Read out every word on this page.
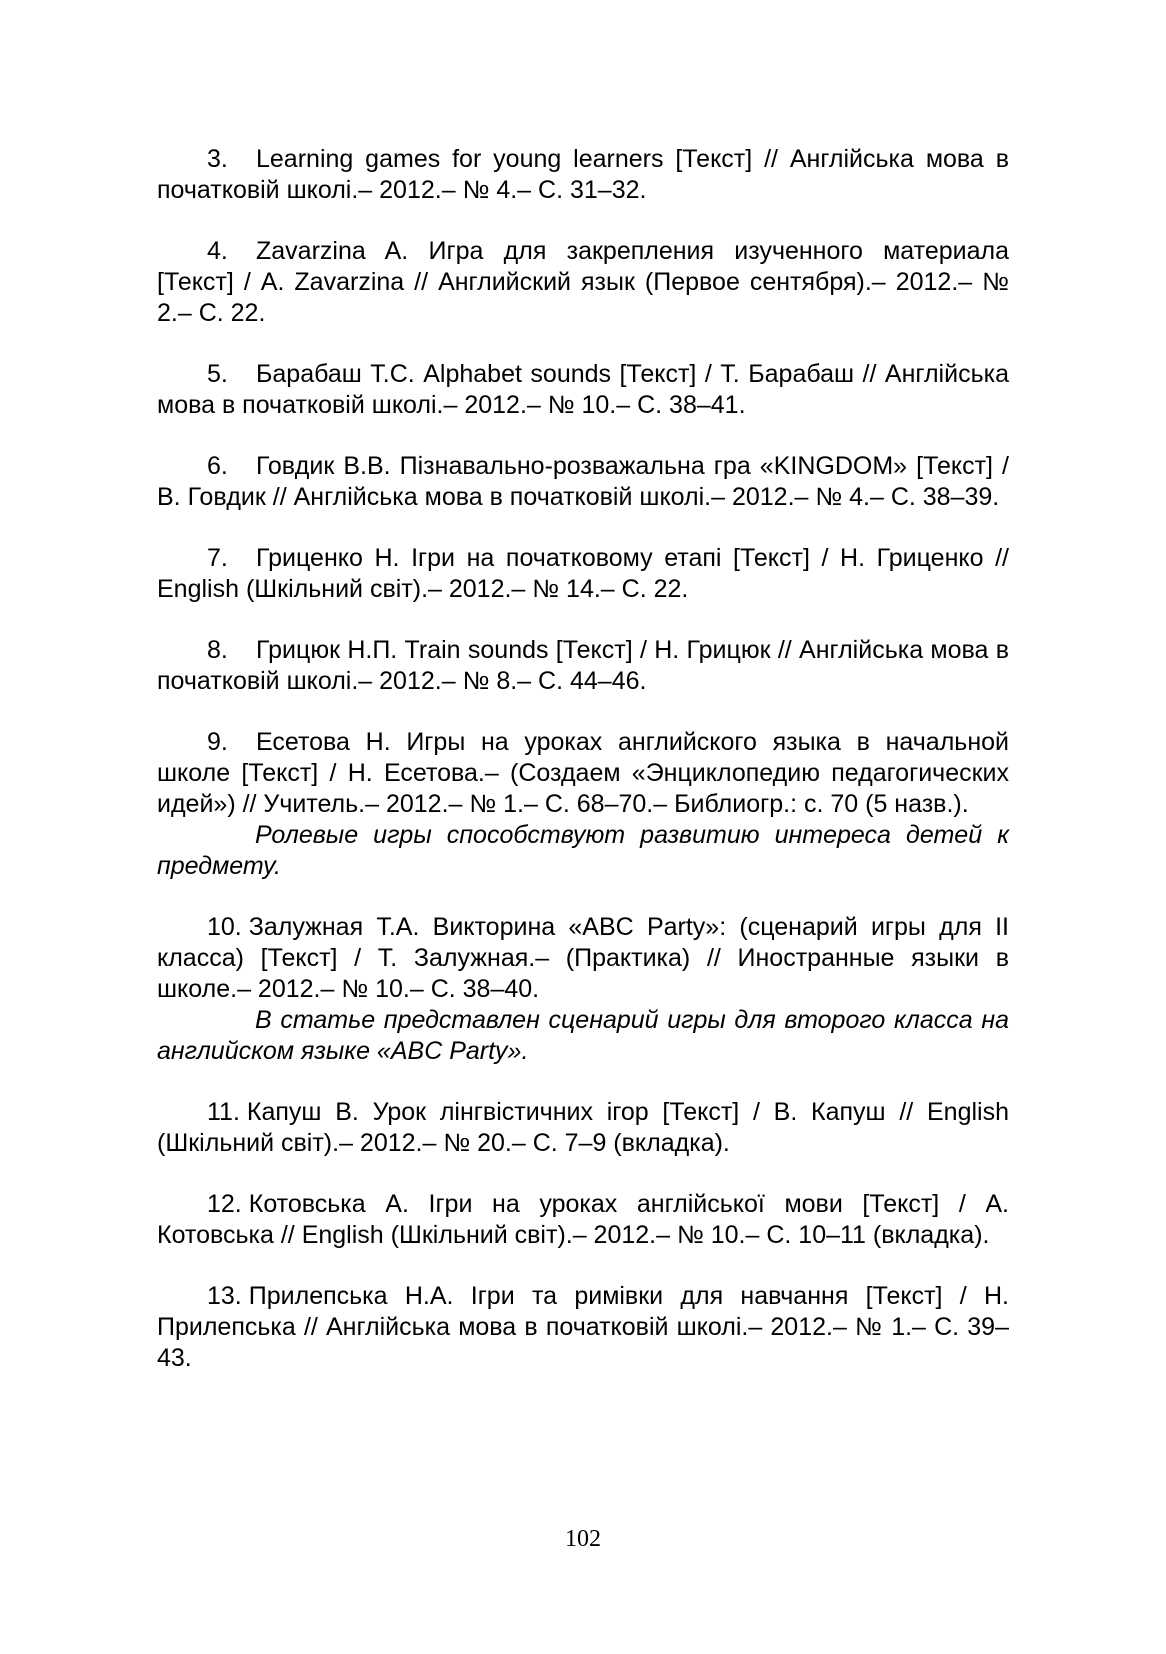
3. Learning games for young learners [Текст] // Англійська мова в початковій школі.– 2012.– № 4.– С. 31–32.

4. Zavarzina A. Игра для закрепления изученного материала [Текст] / A. Zavarzina // Английский язык (Первое сентября).– 2012.– № 2.– С. 22.

5. Барабаш Т.С. Alphabet sounds [Текст] / Т. Барабаш // Англійська мова в початковій школі.– 2012.– № 10.– С. 38–41.

6. Говдик В.В. Пізнавально-розважальна гра «KINGDOM» [Текст] / В. Говдик // Англійська мова в початковій школі.– 2012.– № 4.– С. 38–39.

7. Гриценко Н. Ігри на початковому етапі [Текст] / Н. Гриценко // English (Шкільний світ).– 2012.– № 14.– С. 22.

8. Грицюк Н.П. Train sounds [Текст] / Н. Грицюк // Англійська мова в початковій школі.– 2012.– № 8.– С. 44–46.

9. Есетова Н. Игры на уроках английского языка в начальной школе [Текст] / Н. Есетова.– (Создаем «Энциклопедию педагогических идей») // Учитель.– 2012.– № 1.– С. 68–70.– Библиогр.: с. 70 (5 назв.).

Ролевые игры способствуют развитию интереса детей к предмету.

10. Залужная Т.А. Викторина «ABC Party»: (сценарий игры для II класса) [Текст] / Т. Залужная.– (Практика) // Иностранные языки в школе.– 2012.– № 10.– С. 38–40.

В статье представлен сценарий игры для второго класса на английском языке «ABC Party».

11. Капуш В. Урок лінгвістичних ігор [Текст] / В. Капуш // English (Шкільний світ).– 2012.– № 20.– С. 7–9 (вкладка).

12. Котовська А. Ігри на уроках англійської мови [Текст] / А. Котовська // English (Шкільний світ).– 2012.– № 10.– С. 10–11 (вкладка).

13. Прилепська Н.А. Ігри та римівки для навчання [Текст] / Н. Прилепська // Англійська мова в початковій школі.– 2012.– № 1.– С. 39–43.

102
